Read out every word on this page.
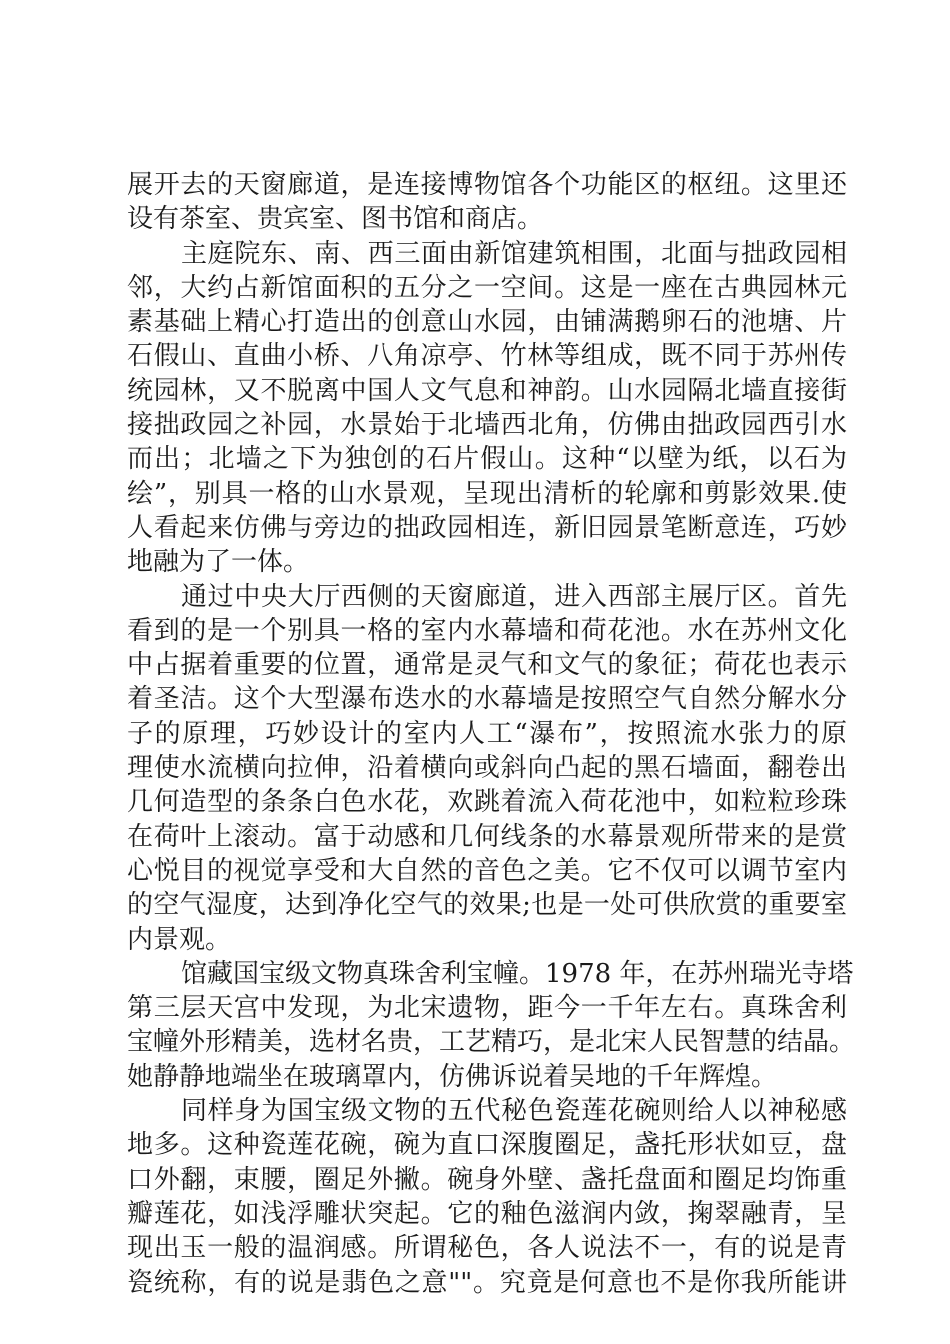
展开去的天窗廊道，是连接博物馆各个功能区的枢纽。这里还
设有茶室、贵宾室、图书馆和商店。
主庭院东、南、西三面由新馆建筑相围，北面与拙政园相
邻，大约占新馆面积的五分之一空间。这是一座在古典园林元
素基础上精心打造出的创意山水园，由铺满鹅卵石的池塘、片
石假山、直曲小桥、八角凉亭、竹林等组成，既不同于苏州传
统园林，又不脱离中国人文气息和神韵。山水园隔北墙直接街
接拙政园之补园，水景始于北墙西北角，仿佛由拙政园西引水
而出；北墙之下为独创的石片假山。这种“以壁为纸，以石为
绘”，别具一格的山水景观，呈现出清析的轮廓和剪影效果.使
人看起来仿佛与旁边的拙政园相连，新旧园景笔断意连，巧妙
地融为了一体。
通过中央大厅西侧的天窗廊道，进入西部主展厅区。首先
看到的是一个别具一格的室内水幕墙和荷花池。水在苏州文化
中占据着重要的位置，通常是灵气和文气的象征；荷花也表示
着圣洁。这个大型瀑布迭水的水幕墙是按照空气自然分解水分
子的原理，巧妙设计的室内人工“瀑布”，按照流水张力的原
理使水流横向拉伸，沿着横向或斜向凸起的黑石墙面，翻卷出
几何造型的条条白色水花，欢跳着流入荷花池中，如粒粒珍珠
在荷叶上滚动。富于动感和几何线条的水幕景观所带来的是赏
心悦目的视觉享受和大自然的音色之美。它不仅可以调节室内
的空气湿度，达到净化空气的效果;也是一处可供欣赏的重要室
内景观。
馆藏国宝级文物真珠舍利宝幢。1978 年，在苏州瑞光寺塔
第三层天宫中发现，为北宋遗物，距今一千年左右。真珠舍利
宝幢外形精美，选材名贵，工艺精巧，是北宋人民智慧的结晶。
她静静地端坐在玻璃罩内，仿佛诉说着吴地的千年辉煌。
同样身为国宝级文物的五代秘色瓷莲花碗则给人以神秘感
地多。这种瓷莲花碗，碗为直口深腹圈足，盏托形状如豆，盘
口外翻，束腰，圈足外撇。碗身外壁、盏托盘面和圈足均饰重
瓣莲花，如浅浮雕状突起。它的釉色滋润内敛，掬翠融青，呈
现出玉一般的温润感。所谓秘色，各人说法不一，有的说是青
瓷统称，有的说是翡色之意""。究竟是何意也不是你我所能讲
